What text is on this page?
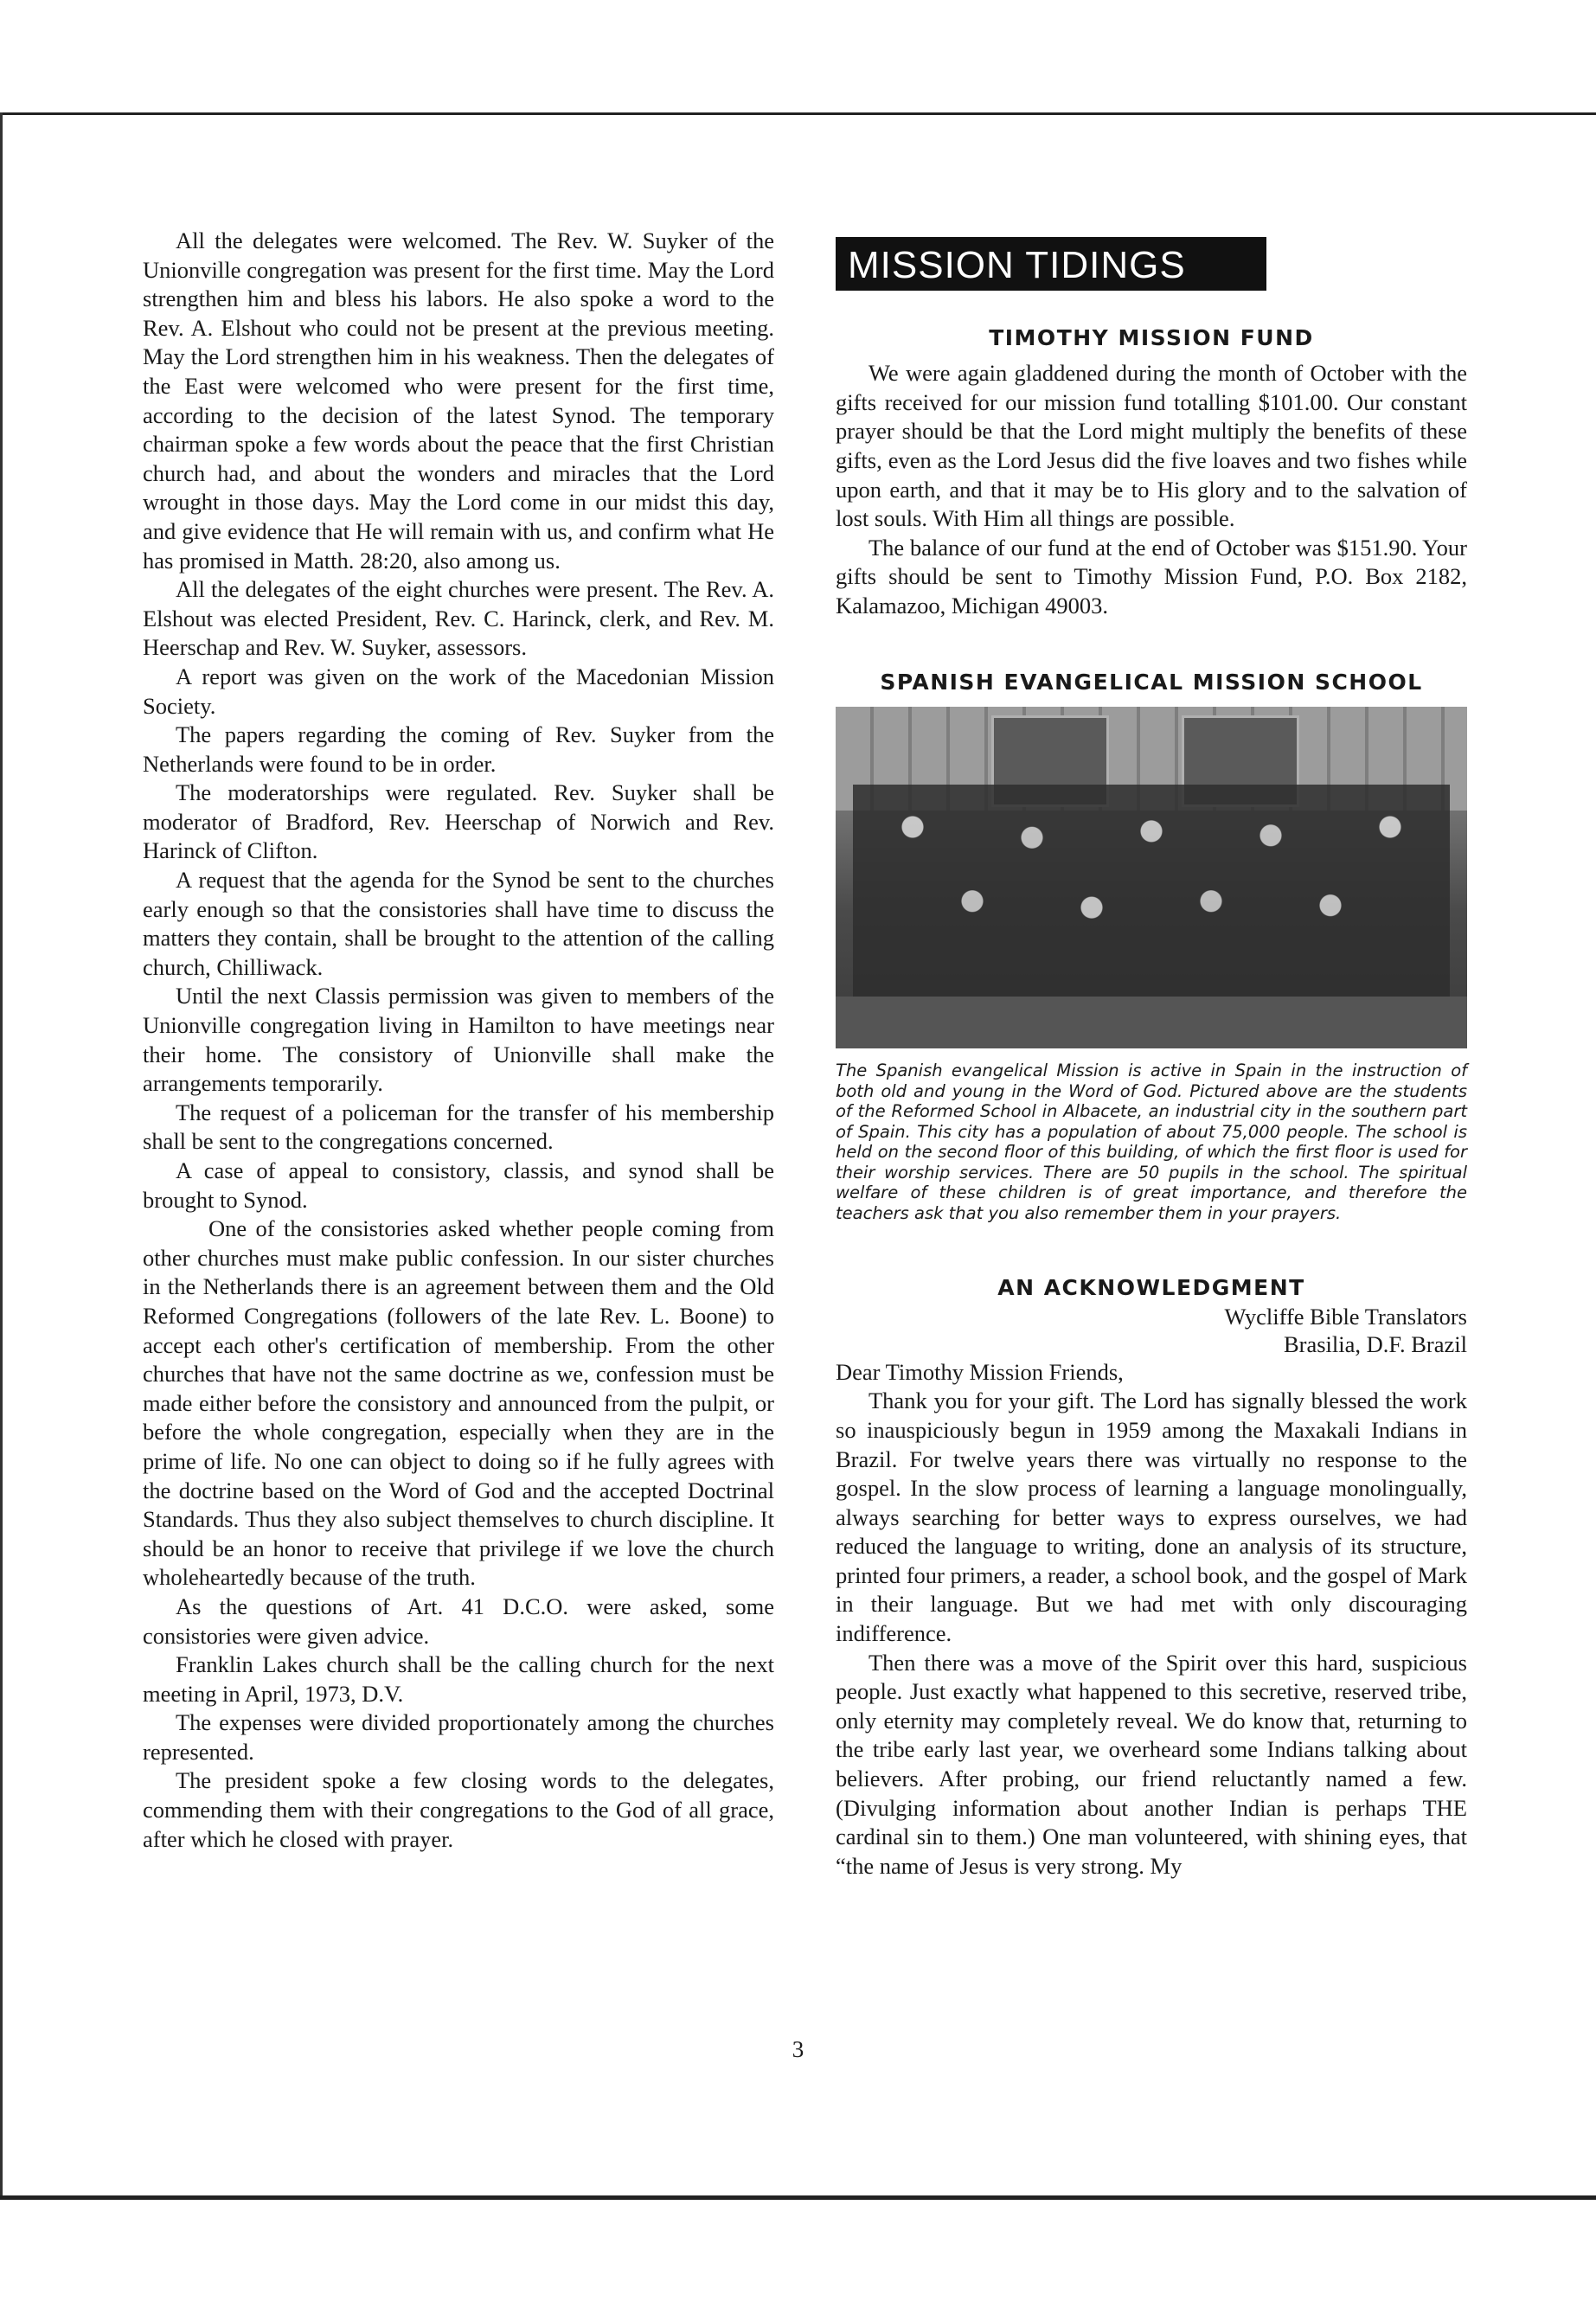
All the delegates were welcomed. The Rev. W. Suyker of the Unionville congregation was present for the first time. May the Lord strengthen him and bless his labors. He also spoke a word to the Rev. A. Elshout who could not be present at the previous meeting. May the Lord strengthen him in his weakness. Then the delegates of the East were welcomed who were present for the first time, according to the decision of the latest Synod. The temporary chairman spoke a few words about the peace that the first Christian church had, and about the wonders and miracles that the Lord wrought in those days. May the Lord come in our midst this day, and give evidence that He will remain with us, and confirm what He has promised in Matth. 28:20, also among us.

All the delegates of the eight churches were present. The Rev. A. Elshout was elected President, Rev. C. Harinck, clerk, and Rev. M. Heerschap and Rev. W. Suyker, assessors.

A report was given on the work of the Macedonian Mission Society.

The papers regarding the coming of Rev. Suyker from the Netherlands were found to be in order.

The moderatorships were regulated. Rev. Suyker shall be moderator of Bradford, Rev. Heerschap of Norwich and Rev. Harinck of Clifton.

A request that the agenda for the Synod be sent to the churches early enough so that the consistories shall have time to discuss the matters they contain, shall be brought to the attention of the calling church, Chilliwack.

Until the next Classis permission was given to members of the Unionville congregation living in Hamilton to have meetings near their home. The consistory of Unionville shall make the arrangements temporarily.

The request of a policeman for the transfer of his membership shall be sent to the congregations concerned.

A case of appeal to consistory, classis, and synod shall be brought to Synod.

One of the consistories asked whether people coming from other churches must make public confession. In our sister churches in the Netherlands there is an agreement between them and the Old Reformed Congregations (followers of the late Rev. L. Boone) to accept each other's certification of membership. From the other churches that have not the same doctrine as we, confession must be made either before the consistory and announced from the pulpit, or before the whole congregation, especially when they are in the prime of life. No one can object to doing so if he fully agrees with the doctrine based on the Word of God and the accepted Doctrinal Standards. Thus they also subject themselves to church discipline. It should be an honor to receive that privilege if we love the church wholeheartedly because of the truth.

As the questions of Art. 41 D.C.O. were asked, some consistories were given advice.

Franklin Lakes church shall be the calling church for the next meeting in April, 1973, D.V.

The expenses were divided proportionately among the churches represented.

The president spoke a few closing words to the delegates, commending them with their congregations to the God of all grace, after which he closed with prayer.

MISSION TIDINGS
TIMOTHY MISSION FUND

We were again gladdened during the month of October with the gifts received for our mission fund totalling $101.00. Our constant prayer should be that the Lord might multiply the benefits of these gifts, even as the Lord Jesus did the five loaves and two fishes while upon earth, and that it may be to His glory and to the salvation of lost souls. With Him all things are possible.

The balance of our fund at the end of October was $151.90. Your gifts should be sent to Timothy Mission Fund, P.O. Box 2182, Kalamazoo, Michigan 49003.

SPANISH EVANGELICAL MISSION SCHOOL
The Spanish evangelical Mission is active in Spain in the instruction of both old and young in the Word of God. Pictured above are the students of the Reformed School in Albacete, an industrial city in the southern part of Spain. This city has a population of about 75,000 people. The school is held on the second floor of this building, of which the first floor is used for their worship services. There are 50 pupils in the school. The spiritual welfare of these children is of great importance, and therefore the teachers ask that you also remember them in your prayers.
AN ACKNOWLEDGMENT
Wycliffe Bible Translators
Brasilia, D.F. Brazil

Dear Timothy Mission Friends,

Thank you for your gift. The Lord has signally blessed the work so inauspiciously begun in 1959 among the Maxakali Indians in Brazil. For twelve years there was virtually no response to the gospel. In the slow process of learning a language monolingually, always searching for better ways to express ourselves, we had reduced the language to writing, done an analysis of its structure, printed four primers, a reader, a school book, and the gospel of Mark in their language. But we had met with only discouraging indifference.

Then there was a move of the Spirit over this hard, suspicious people. Just exactly what happened to this secretive, reserved tribe, only eternity may completely reveal. We do know that, returning to the tribe early last year, we overheard some Indians talking about believers. After probing, our friend reluctantly named a few. (Divulging information about another Indian is perhaps THE cardinal sin to them.) One man volunteered, with shining eyes, that “the name of Jesus is very strong. My

3
